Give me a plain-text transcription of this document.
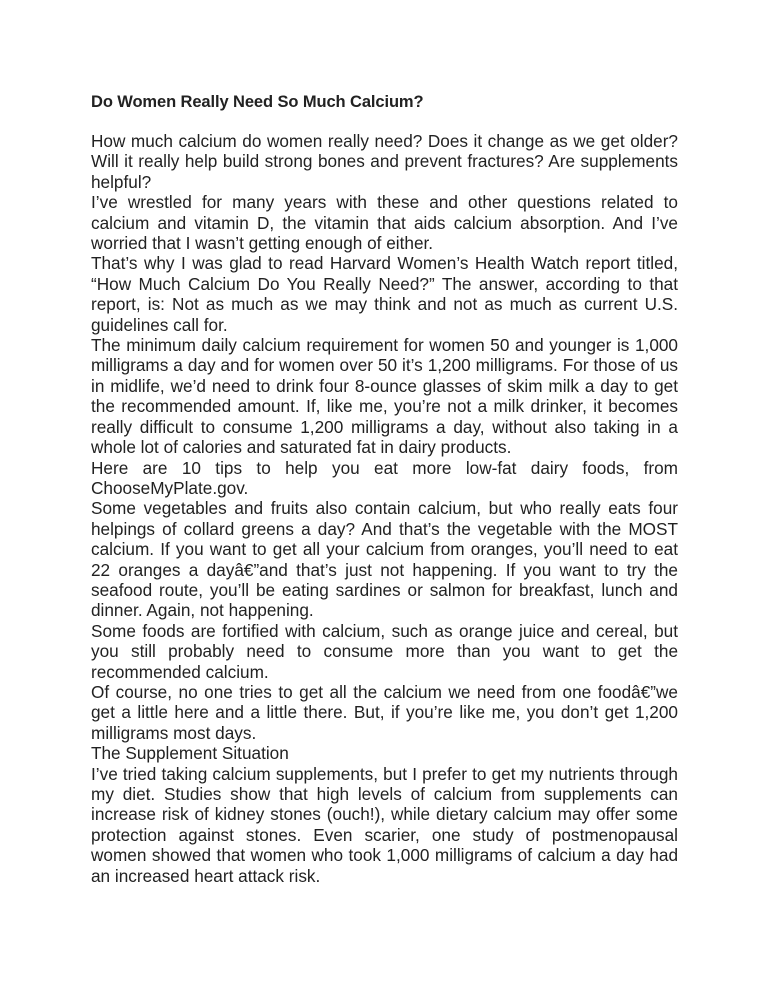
Do Women Really Need So Much Calcium?

How much calcium do women really need? Does it change as we get older? Will it really help build strong bones and prevent fractures? Are supplements helpful?

I’ve wrestled for many years with these and other questions related to calcium and vitamin D, the vitamin that aids calcium absorption. And I’ve worried that I wasn’t getting enough of either.

That’s why I was glad to read Harvard Women’s Health Watch report titled, “How Much Calcium Do You Really Need?” The answer, according to that report, is: Not as much as we may think and not as much as current U.S. guidelines call for.

The minimum daily calcium requirement for women 50 and younger is 1,000 milligrams a day and for women over 50 it’s 1,200 milligrams. For those of us in midlife, we’d need to drink four 8-ounce glasses of skim milk a day to get the recommended amount. If, like me, you’re not a milk drinker, it becomes really difficult to consume 1,200 milligrams a day, without also taking in a whole lot of calories and saturated fat in dairy products.

Here are 10 tips to help you eat more low-fat dairy foods, from ChooseMyPlate.gov.

Some vegetables and fruits also contain calcium, but who really eats four helpings of collard greens a day? And that’s the vegetable with the MOST calcium. If you want to get all your calcium from oranges, you’ll need to eat 22 oranges a dayâ€”and that’s just not happening. If you want to try the seafood route, you’ll be eating sardines or salmon for breakfast, lunch and dinner. Again, not happening.

Some foods are fortified with calcium, such as orange juice and cereal, but you still probably need to consume more than you want to get the recommended calcium.

Of course, no one tries to get all the calcium we need from one foodâ€”we get a little here and a little there. But, if you’re like me, you don’t get 1,200 milligrams most days.

The Supplement Situation

I’ve tried taking calcium supplements, but I prefer to get my nutrients through my diet. Studies show that high levels of calcium from supplements can increase risk of kidney stones (ouch!), while dietary calcium may offer some protection against stones. Even scarier, one study of postmenopausal women showed that women who took 1,000 milligrams of calcium a day had an increased heart attack risk.
